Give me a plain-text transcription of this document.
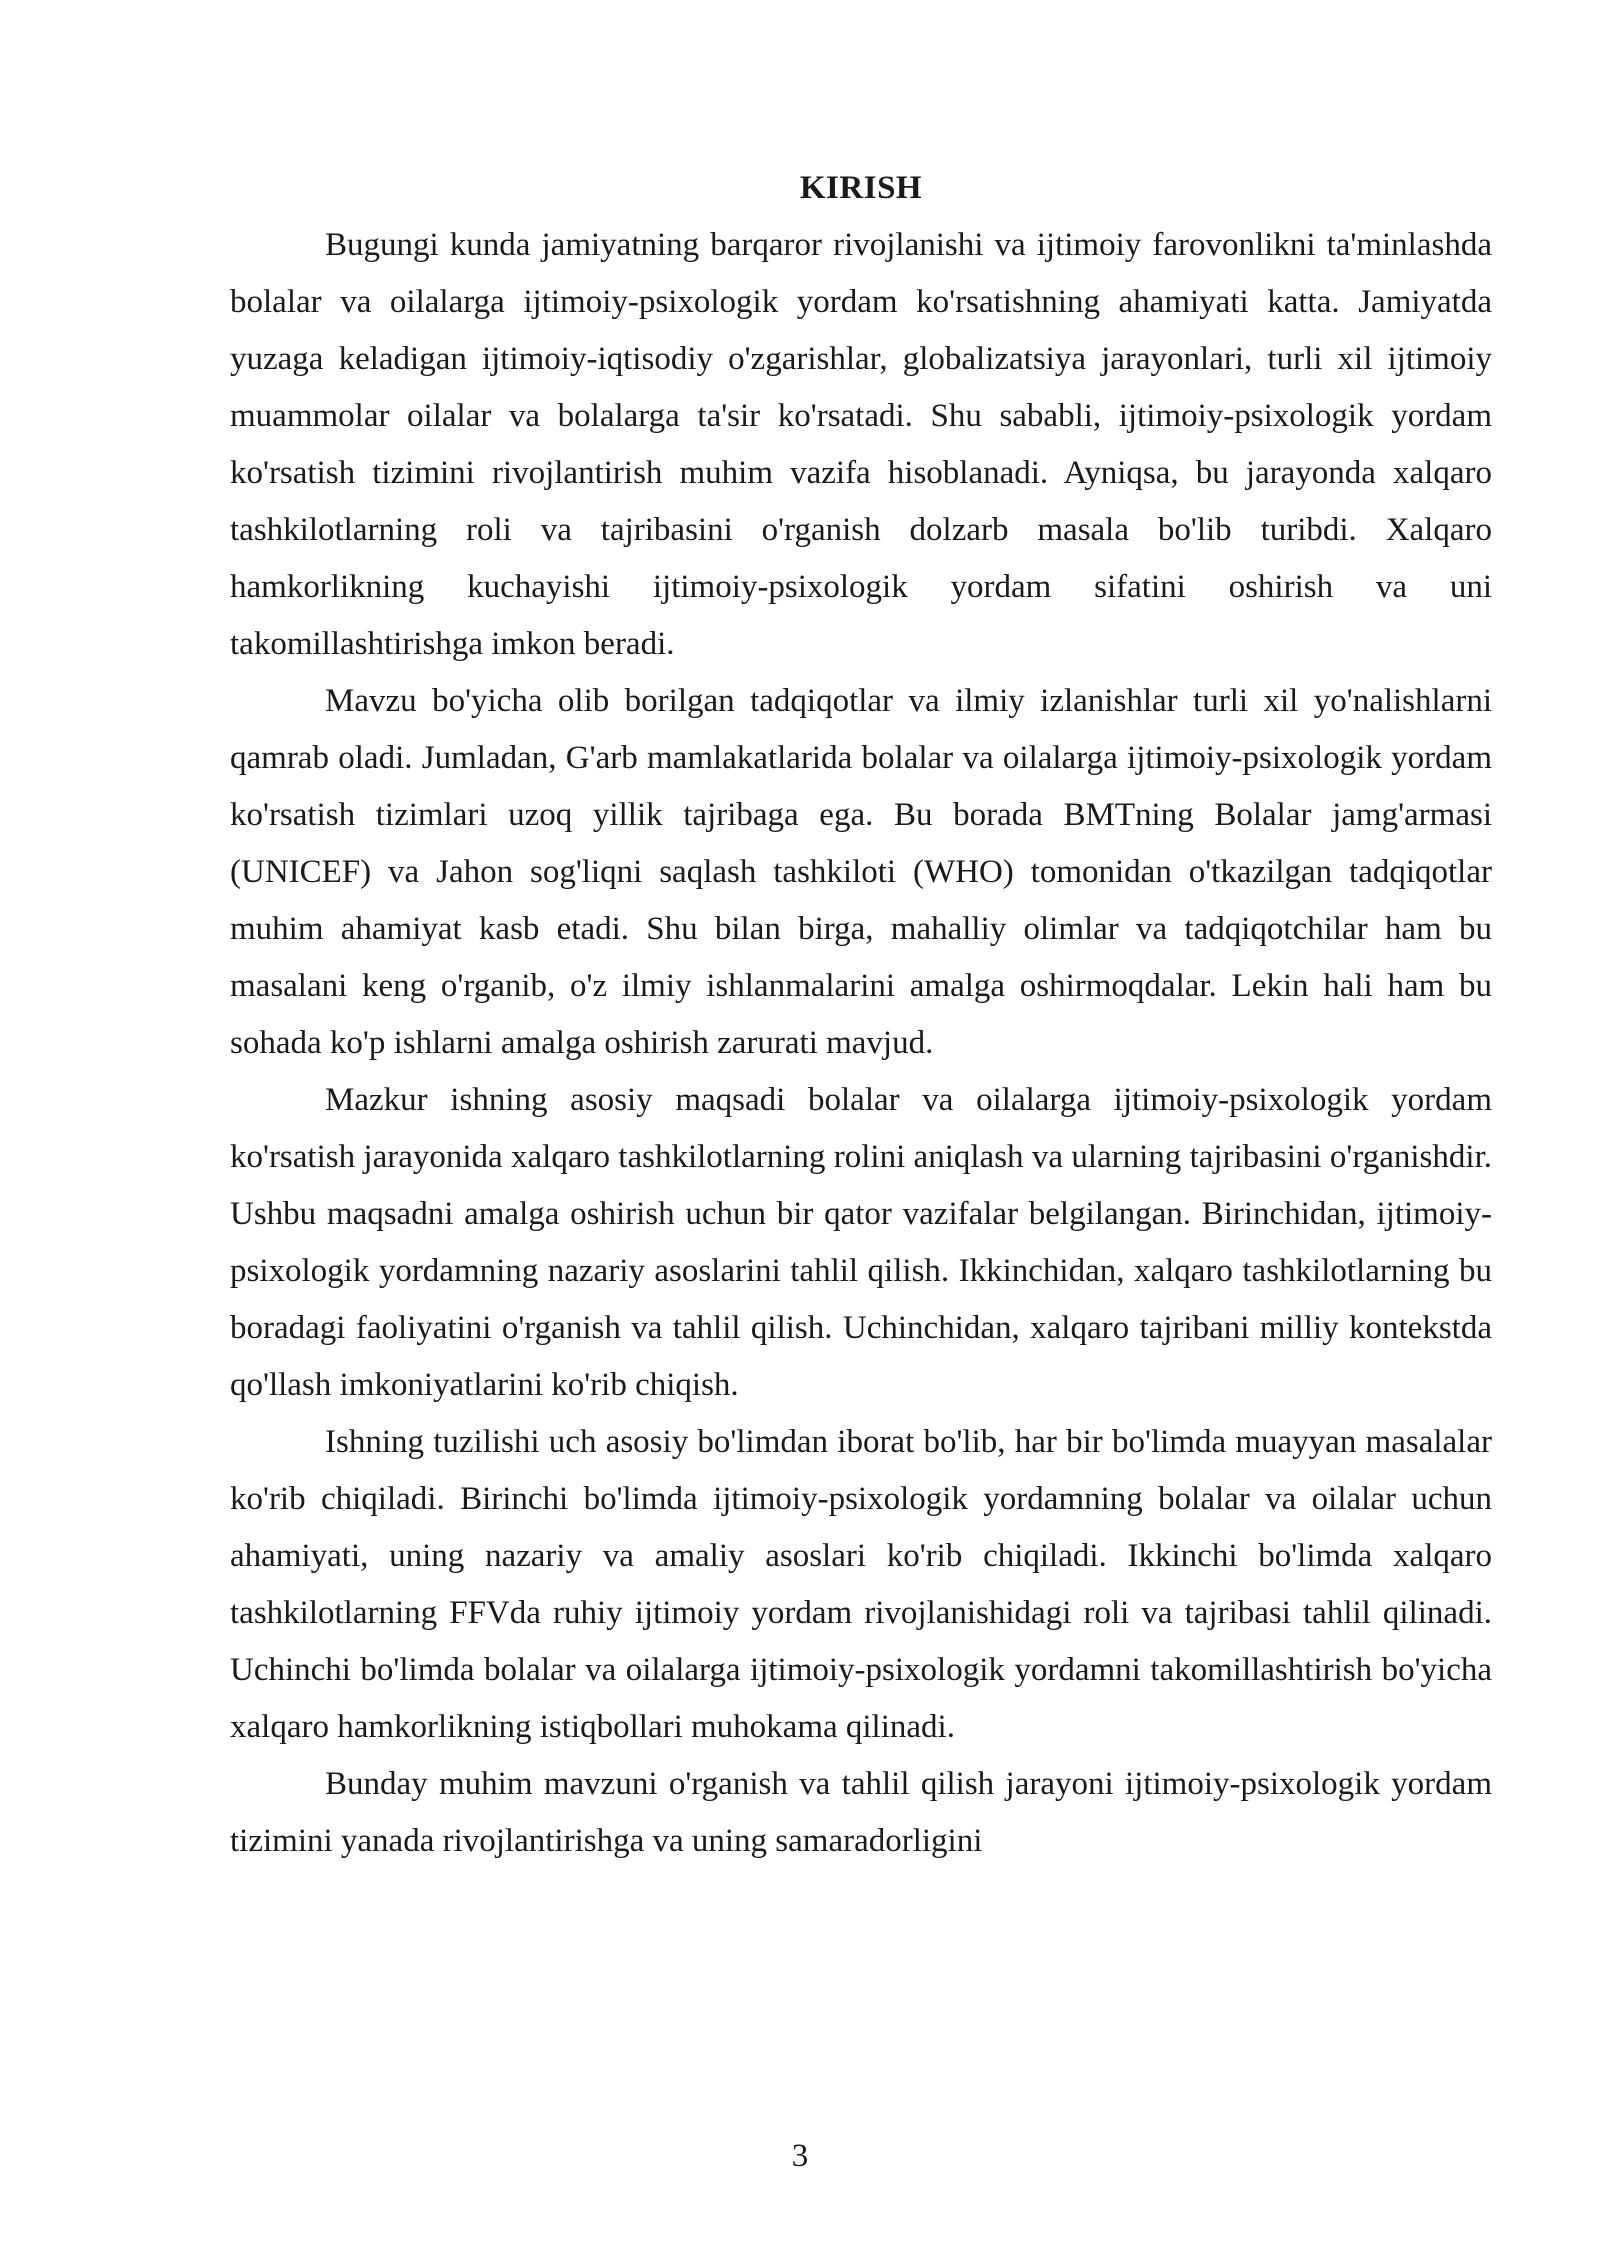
KIRISH

Bugungi kunda jamiyatning barqaror rivojlanishi va ijtimoiy farovonlikni ta'minlashda bolalar va oilalarga ijtimoiy-psixologik yordam ko'rsatishning ahamiyati katta. Jamiyatda yuzaga keladigan ijtimoiy-iqtisodiy o'zgarishlar, globalizatsiya jarayonlari, turli xil ijtimoiy muammolar oilalar va bolalarga ta'sir ko'rsatadi. Shu sababli, ijtimoiy-psixologik yordam ko'rsatish tizimini rivojlantirish muhim vazifa hisoblanadi. Ayniqsa, bu jarayonda xalqaro tashkilotlarning roli va tajribasini o'rganish dolzarb masala bo'lib turibdi. Xalqaro hamkorlikning kuchayishi ijtimoiy-psixologik yordam sifatini oshirish va uni takomillashtirishga imkon beradi.

Mavzu bo'yicha olib borilgan tadqiqotlar va ilmiy izlanishlar turli xil yo'nalishlarni qamrab oladi. Jumladan, G'arb mamlakatlarida bolalar va oilalarga ijtimoiy-psixologik yordam ko'rsatish tizimlari uzoq yillik tajribaga ega. Bu borada BMTning Bolalar jamg'armasi (UNICEF) va Jahon sog'liqni saqlash tashkiloti (WHO) tomonidan o'tkazilgan tadqiqotlar muhim ahamiyat kasb etadi. Shu bilan birga, mahalliy olimlar va tadqiqotchilar ham bu masalani keng o'rganib, o'z ilmiy ishlanmalarini amalga oshirmoqdalar. Lekin hali ham bu sohada ko'p ishlarni amalga oshirish zarurati mavjud.

Mazkur ishning asosiy maqsadi bolalar va oilalarga ijtimoiy-psixologik yordam ko'rsatish jarayonida xalqaro tashkilotlarning rolini aniqlash va ularning tajribasini o'rganishdir. Ushbu maqsadni amalga oshirish uchun bir qator vazifalar belgilangan. Birinchidan, ijtimoiy-psixologik yordamning nazariy asoslarini tahlil qilish. Ikkinchidan, xalqaro tashkilotlarning bu boradagi faoliyatini o'rganish va tahlil qilish. Uchinchidan, xalqaro tajribani milliy kontekstda qo'llash imkoniyatlarini ko'rib chiqish.

Ishning tuzilishi uch asosiy bo'limdan iborat bo'lib, har bir bo'limda muayyan masalalar ko'rib chiqiladi. Birinchi bo'limda ijtimoiy-psixologik yordamning bolalar va oilalar uchun ahamiyati, uning nazariy va amaliy asoslari ko'rib chiqiladi. Ikkinchi bo'limda xalqaro tashkilotlarning FFVda ruhiy ijtimoiy yordam rivojlanishidagi roli va tajribasi tahlil qilinadi. Uchinchi bo'limda bolalar va oilalarga ijtimoiy-psixologik yordamni takomillashtirish bo'yicha xalqaro hamkorlikning istiqbollari muhokama qilinadi.

Bunday muhim mavzuni o'rganish va tahlil qilish jarayoni ijtimoiy-psixologik yordam tizimini yanada rivojlantirishga va uning samaradorligini

3
